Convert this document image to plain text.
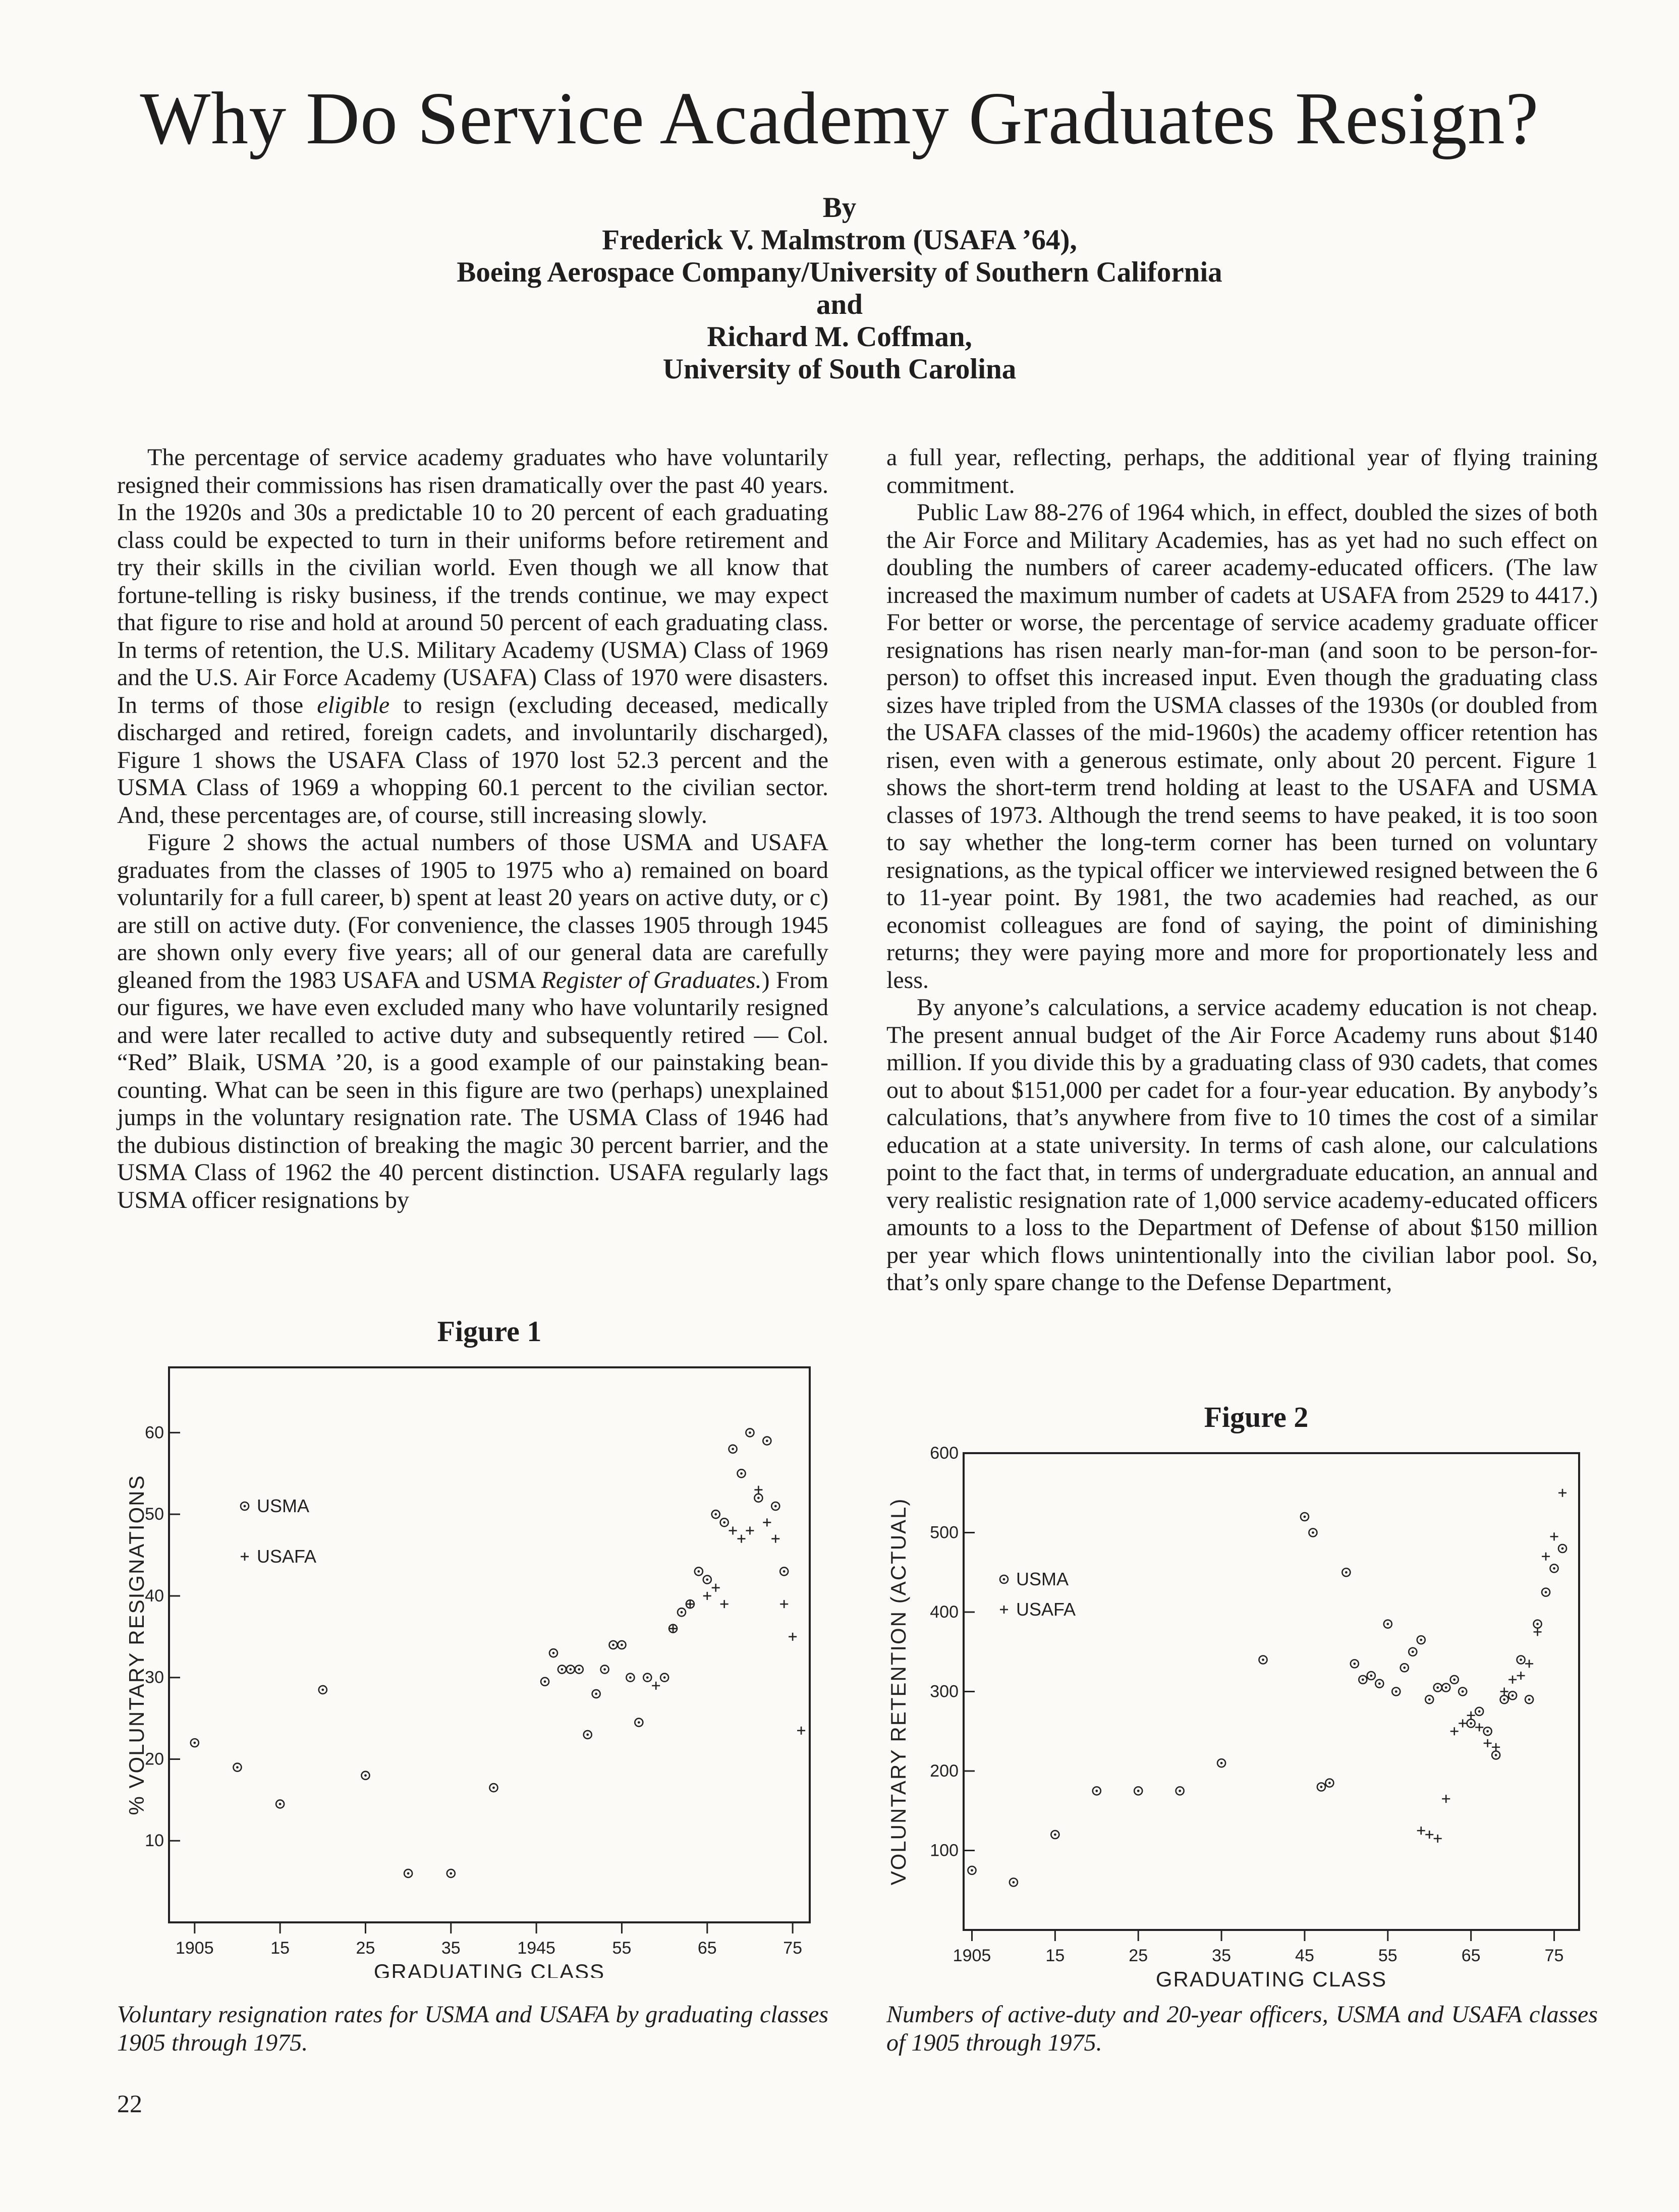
Why Do Service Academy Graduates Resign?
By
Frederick V. Malmstrom (USAFA ’64),
Boeing Aerospace Company/University of Southern California
and
Richard M. Coffman,
University of South Carolina

The percentage of service academy graduates who have voluntarily resigned their commissions has risen dramatically over the past 40 years. In the 1920s and 30s a predictable 10 to 20 percent of each graduating class could be expected to turn in their uniforms before retirement and try their skills in the civilian world. Even though we all know that fortune-telling is risky business, if the trends continue, we may expect that figure to rise and hold at around 50 percent of each graduating class. In terms of retention, the U.S. Military Academy (USMA) Class of 1969 and the U.S. Air Force Academy (USAFA) Class of 1970 were disasters. In terms of those eligible to resign (excluding deceased, medically discharged and retired, foreign cadets, and involuntarily discharged), Figure 1 shows the USAFA Class of 1970 lost 52.3 percent and the USMA Class of 1969 a whopping 60.1 percent to the civilian sector. And, these percentages are, of course, still increasing slowly.

Figure 2 shows the actual numbers of those USMA and USAFA graduates from the classes of 1905 to 1975 who a) remained on board voluntarily for a full career, b) spent at least 20 years on active duty, or c) are still on active duty. (For convenience, the classes 1905 through 1945 are shown only every five years; all of our general data are carefully gleaned from the 1983 USAFA and USMA Register of Graduates.) From our figures, we have even excluded many who have voluntarily resigned and were later recalled to active duty and subsequently retired — Col. “Red” Blaik, USMA ’20, is a good example of our painstaking bean-counting. What can be seen in this figure are two (perhaps) unexplained jumps in the voluntary resignation rate. The USMA Class of 1946 had the dubious distinction of breaking the magic 30 percent barrier, and the USMA Class of 1962 the 40 percent distinction. USAFA regularly lags USMA officer resignations by

a full year, reflecting, perhaps, the additional year of flying training commitment.

Public Law 88-276 of 1964 which, in effect, doubled the sizes of both the Air Force and Military Academies, has as yet had no such effect on doubling the numbers of career academy-educated officers. (The law increased the maximum number of cadets at USAFA from 2529 to 4417.) For better or worse, the percentage of service academy graduate officer resignations has risen nearly man-for-man (and soon to be person-for-person) to offset this increased input. Even though the graduating class sizes have tripled from the USMA classes of the 1930s (or doubled from the USAFA classes of the mid-1960s) the academy officer retention has risen, even with a generous estimate, only about 20 percent. Figure 1 shows the short-term trend holding at least to the USAFA and USMA classes of 1973. Although the trend seems to have peaked, it is too soon to say whether the long-term corner has been turned on voluntary resignations, as the typical officer we interviewed resigned between the 6 to 11-year point. By 1981, the two academies had reached, as our economist colleagues are fond of saying, the point of diminishing returns; they were paying more and more for proportionately less and less.

By anyone’s calculations, a service academy education is not cheap. The present annual budget of the Air Force Academy runs about $140 million. If you divide this by a graduating class of 930 cadets, that comes out to about $151,000 per cadet for a four-year education. By anybody’s calculations, that’s anywhere from five to 10 times the cost of a similar education at a state university. In terms of cash alone, our calculations point to the fact that, in terms of undergraduate education, an annual and very realistic resignation rate of 1,000 service academy-educated officers amounts to a loss to the Department of Defense of about $150 million per year which flows unintentionally into the civilian labor pool. So, that’s only spare change to the Defense Department,

Figure 1
10
20
30
40
50
60
1905	15	25	35	1945	55	65	75
GRADUATING CLASS
% VOLUNTARY RESIGNATIONS	USMA
USAFA
Voluntary resignation rates for USMA and USAFA by graduating classes 1905 through 1975.
Figure 2
100
200
300
400
500
600
1905	15	25	35	45	55	65	75
GRADUATING CLASS
VOLUNTARY RETENTION (ACTUAL)	USMA
USAFA
Numbers of active-duty and 20-year officers, USMA and USAFA classes of 1905 through 1975.
22
